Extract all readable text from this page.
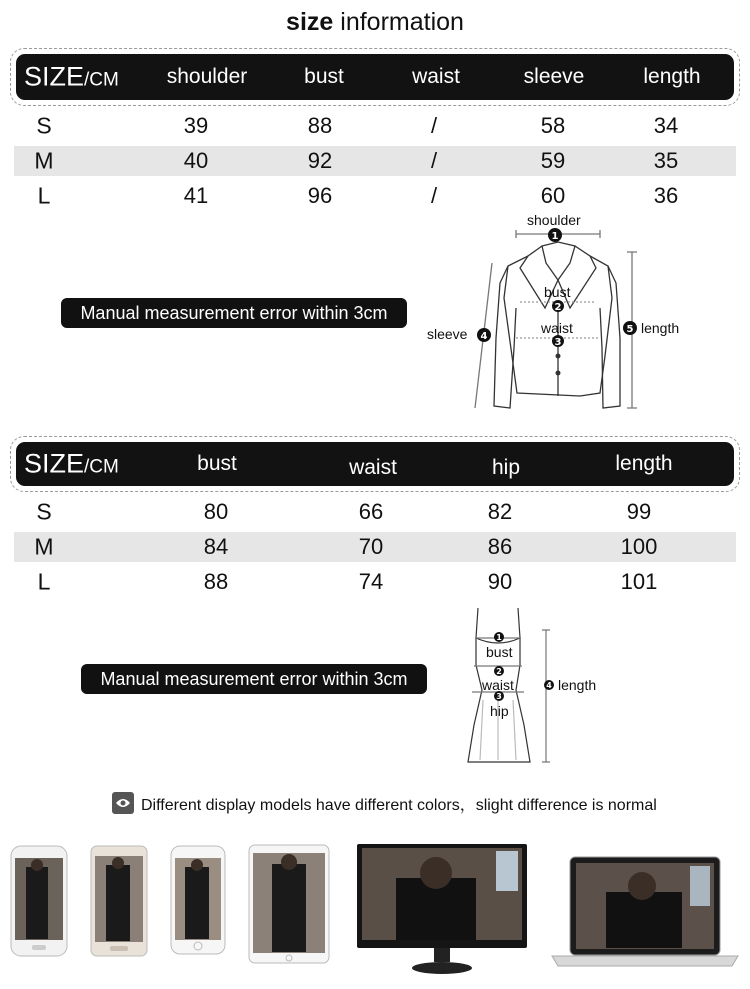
size information
SIZE/CM shoulder	bust	waist	sleeve	length
S	39	88	/	58	34
M	40	92	/	59	35
L	41	96	/	60	36
Manual measurement error within 3cm
1
2
3
4
5
shoulder
bust
waist
sleeve	length
SIZE/CM	bust	waist	hip	length
S	80	66	82	99
M	84	70	86	100
L	88	74	90	101
Manual measurement error within 3cm
1
2
3
4
bust
waist
hip
length
Different display models have different colors，slight difference is normal
